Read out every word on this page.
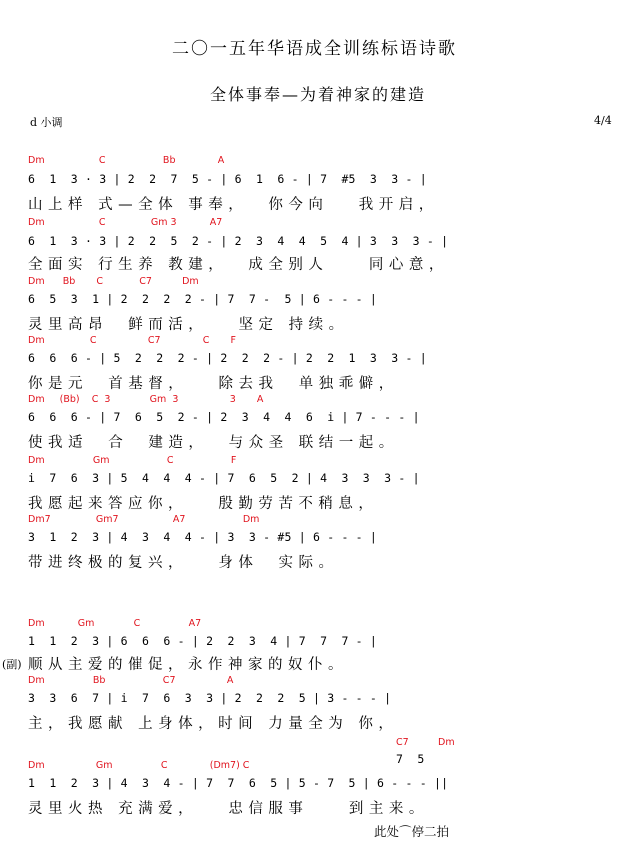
二〇一五年华语成全训练标语诗歌
全体事奉—为着神家的建造
d 小调	4/4
Dm                  C                   Bb              A
6  1  3 · 3 | 2  2  7  5 - | 6  1  6 - | 7  #5  3  3 - |
山上样 式—全体 事奉，  你今向   我开启，
Dm                  C               Gm 3           A7
6  1  3 · 3 | 2  2  5  2 - | 2  3  4  4  5  4 | 3  3  3 - |
全面实 行生养 教建，  成全别人    同心意，
Dm      Bb       C            C7          Dm
6  5  3  1 | 2  2  2  2 - | 7  7 -  5 | 6 - - - |
灵里高昂  鲜而活，   坚定 持续。
Dm               C                 C7              C       F
6  6  6 - | 5  2  2  2 - | 2  2  2 - | 2  2  1  3  3 - |
你是元  首基督，   除去我  单独乖僻，
Dm     (Bb)    C  3             Gm  3                 3       A
6  6  6 - | 7  6  5  2 - | 2  3  4  4  6  i | 7 - - - |
使我适  合  建造，  与众圣 联结一起。
Dm                Gm                   C                   F
i  7  6  3 | 5  4  4  4 - | 7  6  5  2 | 4  3  3  3 - |
我愿起来答应你，   殷勤劳苦不稍息，
Dm7               Gm7                  A7                   Dm
3  1  2  3 | 4  3  4  4 - | 3  3 - #5 | 6 - - - |
带进终极的复兴，   身体  实际。
Dm           Gm             C                A7
1  1  2  3 | 6  6  6 - | 2  2  3  4 | 7  7  7 - |
(副) 顺从主爱的催促，永作神家的奴仆。
Dm                Bb                   C7                 A
3  3  6  7 | i  7  6  3  3 | 2  2  2  5 | 3 - - - |
主，我愿献 上身体，时间 力量全为 你，
C7	Dm
7  5
Dm                 Gm                C              (Dm7) C
1  1  2  3 | 4  3  4 - | 7  7  6  5 | 5 - 7  5 | 6 - - - ||
灵里火热 充满爱，   忠信服事    到主来。
此处⌒停二拍
